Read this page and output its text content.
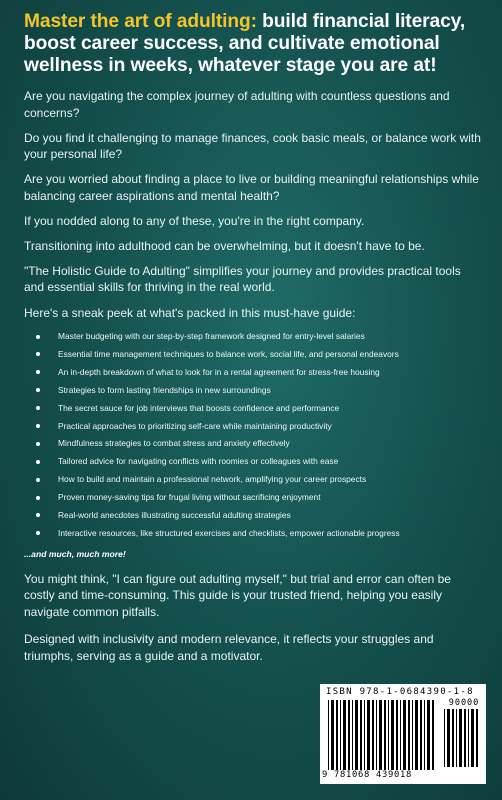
Master the art of adulting: build financial literacy, boost career success, and cultivate emotional wellness in weeks, whatever stage you are at!

Are you navigating the complex journey of adulting with countless questions and concerns?

Do you find it challenging to manage finances, cook basic meals, or balance work with your personal life?

Are you worried about finding a place to live or building meaningful relationships while balancing career aspirations and mental health?

If you nodded along to any of these, you're in the right company.

Transitioning into adulthood can be overwhelming, but it doesn't have to be.

"The Holistic Guide to Adulting" simplifies your journey and provides practical tools and essential skills for thriving in the real world.

Here's a sneak peek at what's packed in this must-have guide:

Master budgeting with our step-by-step framework designed for entry-level salaries
Essential time management techniques to balance work, social life, and personal endeavors
An in-depth breakdown of what to look for in a rental agreement for stress-free housing
Strategies to form lasting friendships in new surroundings
The secret sauce for job interviews that boosts confidence and performance
Practical approaches to prioritizing self-care while maintaining productivity
Mindfulness strategies to combat stress and anxiety effectively
Tailored advice for navigating conflicts with roomies or colleagues with ease
How to build and maintain a professional network, amplifying your career prospects
Proven money-saving tips for frugal living without sacrificing enjoyment
Real-world anecdotes illustrating successful adulting strategies
Interactive resources, like structured exercises and checklists, empower actionable progress

...and much, much more!

You might think, "I can figure out adulting myself," but trial and error can often be costly and time-consuming. This guide is your trusted friend, helping you easily navigate common pitfalls.

Designed with inclusivity and modern relevance, it reflects your struggles and triumphs, serving as a guide and a motivator.

ISBN 978-1-0684390-1-8
90000
9 781068 439018
